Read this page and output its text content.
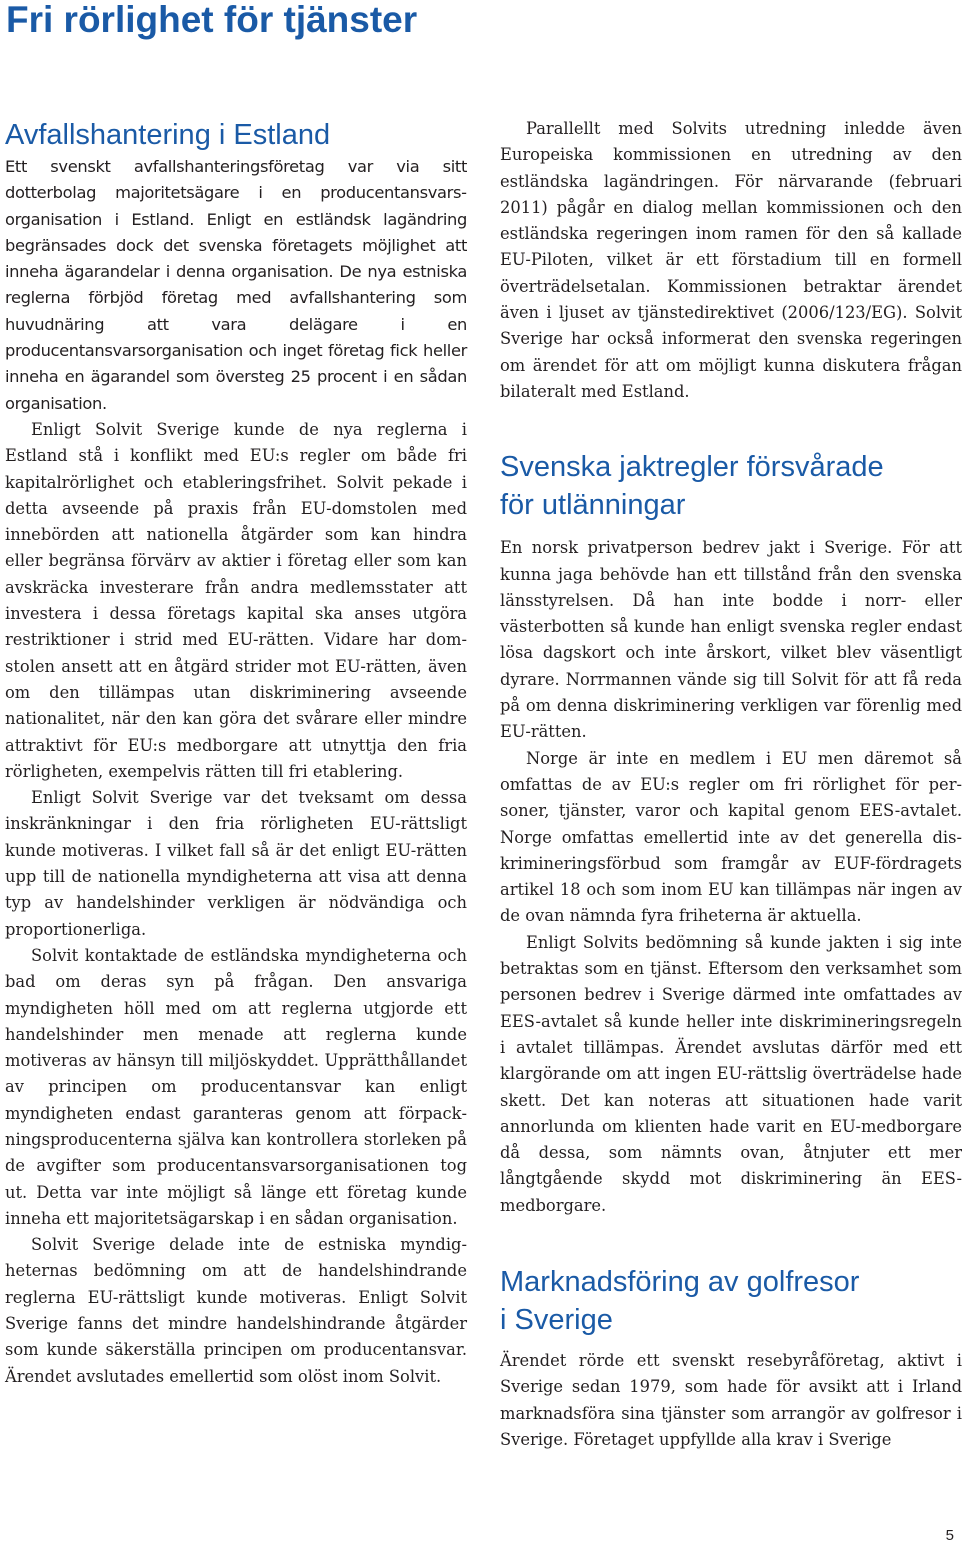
Fri rörlighet för tjänster
Avfallshantering i Estland

Ett svenskt avfallshanteringsföretag var via sitt dotterbolag majoritetsägare i en producentansvarsorganisation i Estland. Enligt en estländsk lagändring begränsades dock det svenska företagets möjlighet att inneha ägarandelar i denna organisation. De nya estniska reglerna förbjöd företag med avfallshantering som huvudnäring att vara delägare i en producentansvarsorganisation och inget företag fick heller inneha en ägarandel som översteg 25 procent i en sådan organisation.

Enligt Solvit Sverige kunde de nya reglerna i Estland stå i konflikt med EU:s regler om både fri kapitalrörlighet och etableringsfrihet. Solvit pekade i detta avseende på praxis från EU-domstolen med innebörden att nationella åtgärder som kan hindra eller begränsa förvärv av aktier i företag eller som kan avskräcka investerare från andra medlemsstater att investera i dessa företags kapital ska anses utgöra restriktioner i strid med EU-rätten. Vidare har domstolen ansett att en åtgärd strider mot EU-rätten, även om den tillämpas utan diskriminering avseende nationalitet, när den kan göra det svårare eller mindre attraktivt för EU:s medborgare att utnyttja den fria rörligheten, exempelvis rätten till fri etablering.

Enligt Solvit Sverige var det tveksamt om dessa inskränkningar i den fria rörligheten EU-rättsligt kunde motiveras. I vilket fall så är det enligt EU-rätten upp till de nationella myndigheterna att visa att denna typ av handelshinder verkligen är nödvändiga och proportionerliga.

Solvit kontaktade de estländska myndigheterna och bad om deras syn på frågan. Den ansvariga myndigheten höll med om att reglerna utgjorde ett handelshinder men menade att reglerna kunde motiveras av hänsyn till miljöskyddet. Upprätthållandet av principen om producentansvar kan enligt myndigheten endast garanteras genom att förpackningsproducenterna själva kan kontrollera storleken på de avgifter som producentansvarsorganisationen tog ut. Detta var inte möjligt så länge ett företag kunde inneha ett majoritetsägarskap i en sådan organisation.

Solvit Sverige delade inte de estniska myndigheternas bedömning om att de handelshindrande reglerna EU-rättsligt kunde motiveras. Enligt Solvit Sverige fanns det mindre handelshindrande åtgärder som kunde säkerställa principen om producentansvar. Ärendet avslutades emellertid som olöst inom Solvit.

Parallellt med Solvits utredning inledde även Europeiska kommissionen en utredning av den estländska lagändringen. För närvarande (februari 2011) pågår en dialog mellan kommissionen och den estländska regeringen inom ramen för den så kallade EU-Piloten, vilket är ett förstadium till en formell överträdelsetalan. Kommissionen betraktar ärendet även i ljuset av tjänstedirektivet (2006/123/EG). Solvit Sverige har också informerat den svenska regeringen om ärendet för att om möjligt kunna diskutera frågan bilateralt med Estland.

Svenska jaktregler försvårade
för utlänningar

En norsk privatperson bedrev jakt i Sverige. För att kunna jaga behövde han ett tillstånd från den svenska länsstyrelsen. Då han inte bodde i norr- eller västerbotten så kunde han enligt svenska regler endast lösa dagskort och inte årskort, vilket blev väsentligt dyrare. Norrmannen vände sig till Solvit för att få reda på om denna diskriminering verkligen var förenlig med EU-rätten.

Norge är inte en medlem i EU men däremot så omfattas de av EU:s regler om fri rörlighet för personer, tjänster, varor och kapital genom EES-avtalet. Norge omfattas emellertid inte av det generella diskrimineringsförbud som framgår av EUF-fördragets artikel 18 och som inom EU kan tillämpas när ingen av de ovan nämnda fyra friheterna är aktuella.

Enligt Solvits bedömning så kunde jakten i sig inte betraktas som en tjänst. Eftersom den verksamhet som personen bedrev i Sverige därmed inte omfattades av EES-avtalet så kunde heller inte diskrimineringsregeln i avtalet tillämpas. Ärendet avslutas därför med ett klargörande om att ingen EU-rättslig överträdelse hade skett. Det kan noteras att situationen hade varit annorlunda om klienten hade varit en EU-medborgare då dessa, som nämnts ovan, åtnjuter ett mer långtgående skydd mot diskriminering än EES-medborgare.

Marknadsföring av golfresor
i Sverige

Ärendet rörde ett svenskt resebyråföretag, aktivt i Sverige sedan 1979, som hade för avsikt att i Irland marknadsföra sina tjänster som arrangör av golfresor i Sverige. Företaget uppfyllde alla krav i Sverige

5
